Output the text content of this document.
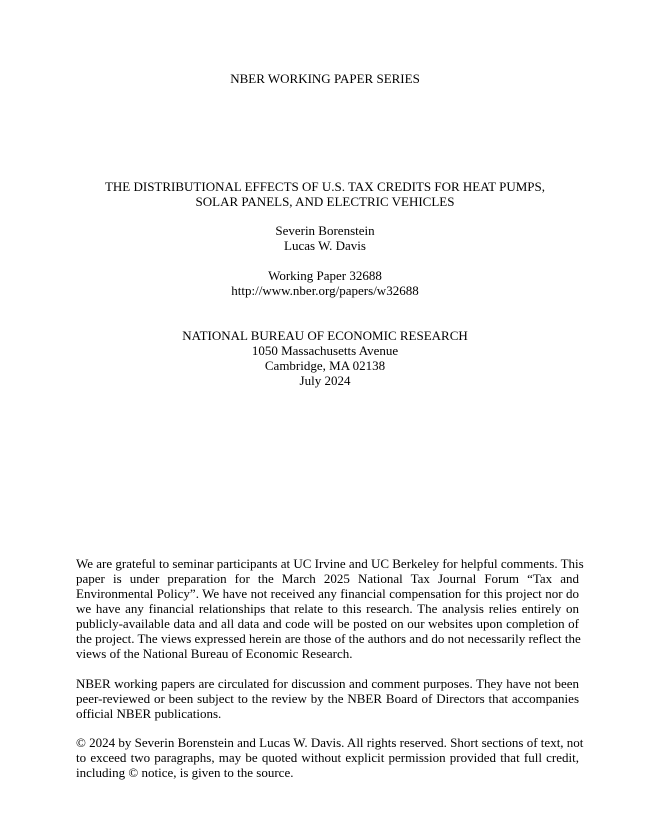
NBER WORKING PAPER SERIES
THE DISTRIBUTIONAL EFFECTS OF U.S. TAX CREDITS FOR HEAT PUMPS,
SOLAR PANELS, AND ELECTRIC VEHICLES
Severin Borenstein
Lucas W. Davis
Working Paper 32688
http://www.nber.org/papers/w32688
NATIONAL BUREAU OF ECONOMIC RESEARCH
1050 Massachusetts Avenue
Cambridge, MA 02138
July 2024
We are grateful to seminar participants at UC Irvine and UC Berkeley for helpful comments. This
paper is under preparation for the March 2025 National Tax Journal Forum “Tax and
Environmental Policy”. We have not received any financial compensation for this project nor do
we have any financial relationships that relate to this research. The analysis relies entirely on
publicly-available data and all data and code will be posted on our websites upon completion of
the project. The views expressed herein are those of the authors and do not necessarily reflect the
views of the National Bureau of Economic Research.
NBER working papers are circulated for discussion and comment purposes. They have not been
peer-reviewed or been subject to the review by the NBER Board of Directors that accompanies
official NBER publications.
© 2024 by Severin Borenstein and Lucas W. Davis. All rights reserved. Short sections of text, not
to exceed two paragraphs, may be quoted without explicit permission provided that full credit,
including © notice, is given to the source.
